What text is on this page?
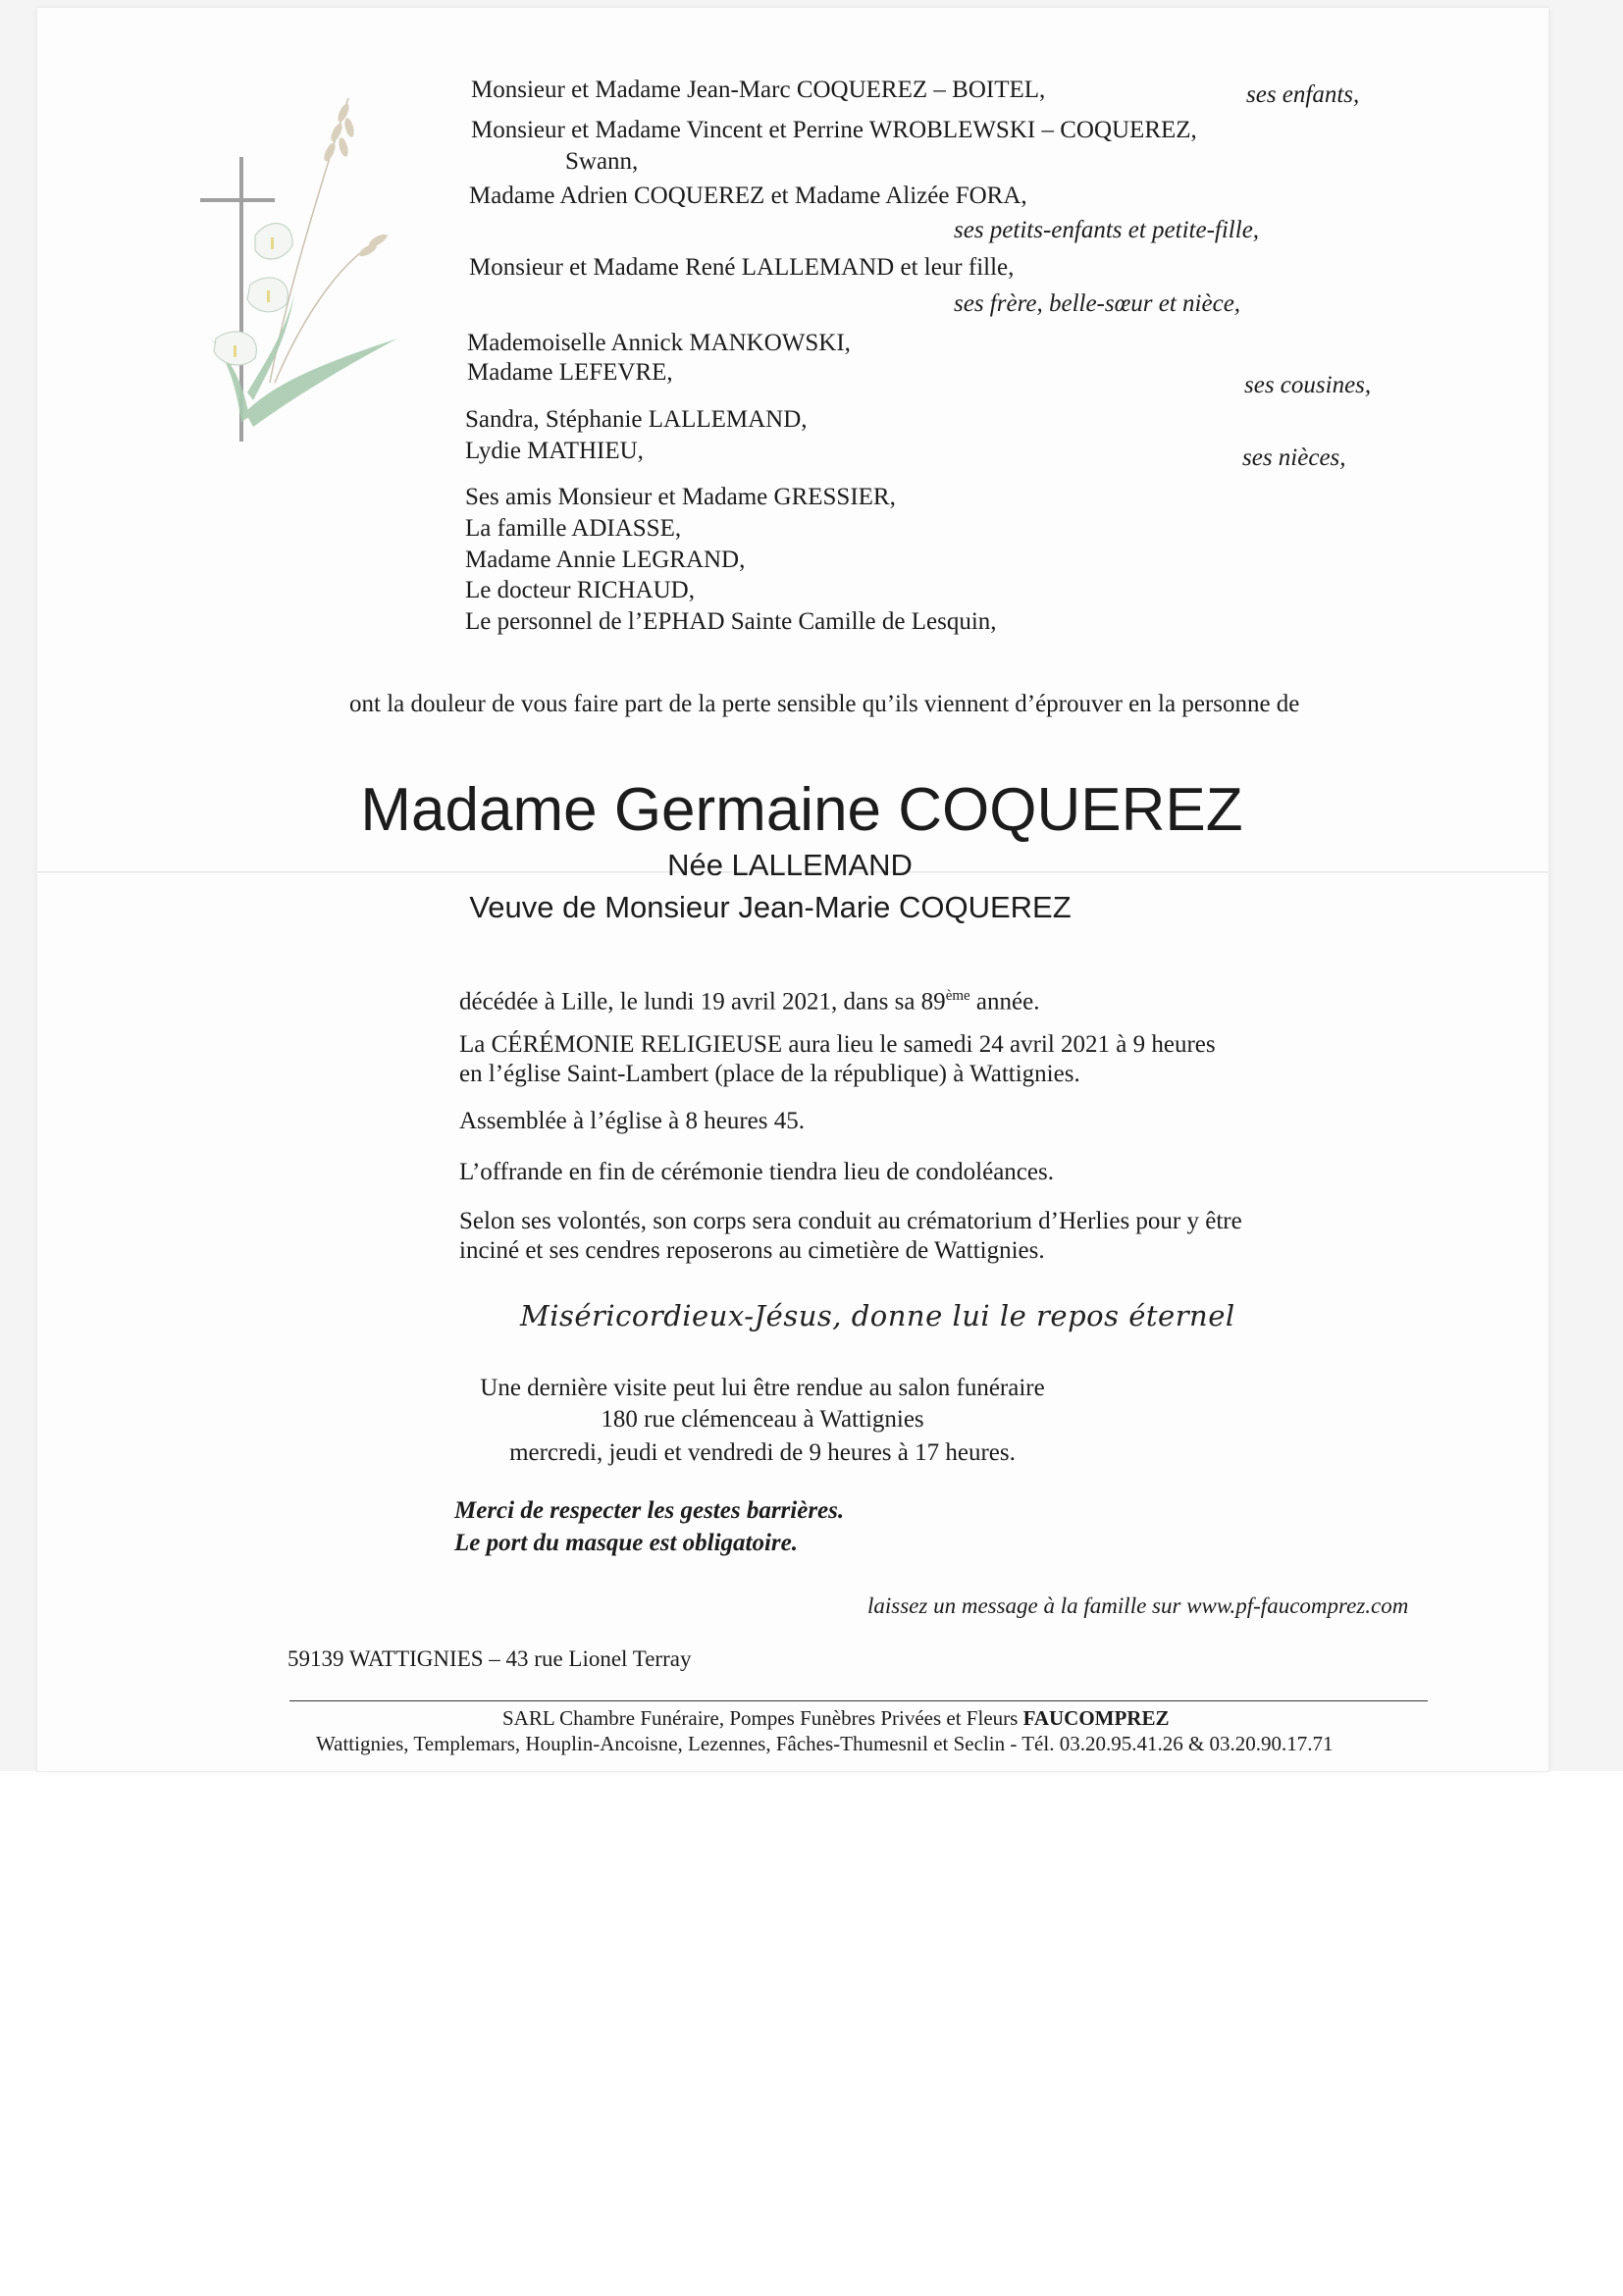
Monsieur et Madame Jean-Marc COQUEREZ – BOITEL,	ses enfants,
Monsieur et Madame Vincent et Perrine WROBLEWSKI – COQUEREZ,
Swann,
Madame Adrien COQUEREZ et Madame Alizée FORA,
ses petits-enfants et petite-fille,
Monsieur et Madame René LALLEMAND et leur fille,
ses frère, belle-sœur et nièce,
Mademoiselle Annick MANKOWSKI,
Madame LEFEVRE,	ses cousines,
Sandra, Stéphanie LALLEMAND,
Lydie MATHIEU,	ses nièces,
Ses amis Monsieur et Madame GRESSIER,
La famille ADIASSE,
Madame Annie LEGRAND,
Le docteur RICHAUD,
Le personnel de l’EPHAD Sainte Camille de Lesquin,
ont la douleur de vous faire part de la perte sensible qu’ils viennent d’éprouver en la personne de
Madame Germaine COQUEREZ
Née LALLEMAND
Veuve de Monsieur Jean-Marie COQUEREZ
décédée à Lille, le lundi 19 avril 2021, dans sa 89ème année.
La CÉRÉMONIE RELIGIEUSE aura lieu le samedi 24 avril 2021 à 9 heures
en l’église Saint-Lambert (place de la république) à Wattignies.
Assemblée à l’église à 8 heures 45.
L’offrande en fin de cérémonie tiendra lieu de condoléances.
Selon ses volontés, son corps sera conduit au crématorium d’Herlies pour y être
inciné et ses cendres reposerons au cimetière de Wattignies.
Miséricordieux-Jésus, donne lui le repos éternel
Une dernière visite peut lui être rendue au salon funéraire
180 rue clémenceau à Wattignies
mercredi, jeudi et vendredi de 9 heures à 17 heures.
Merci de respecter les gestes barrières.
Le port du masque est obligatoire.
laissez un message à la famille sur www.pf-faucomprez.com
59139 WATTIGNIES – 43 rue Lionel Terray
SARL Chambre Funéraire, Pompes Funèbres Privées et Fleurs FAUCOMPREZ
Wattignies, Templemars, Houplin-Ancoisne, Lezennes, Fâches-Thumesnil et Seclin - Tél. 03.20.95.41.26 & 03.20.90.17.71
